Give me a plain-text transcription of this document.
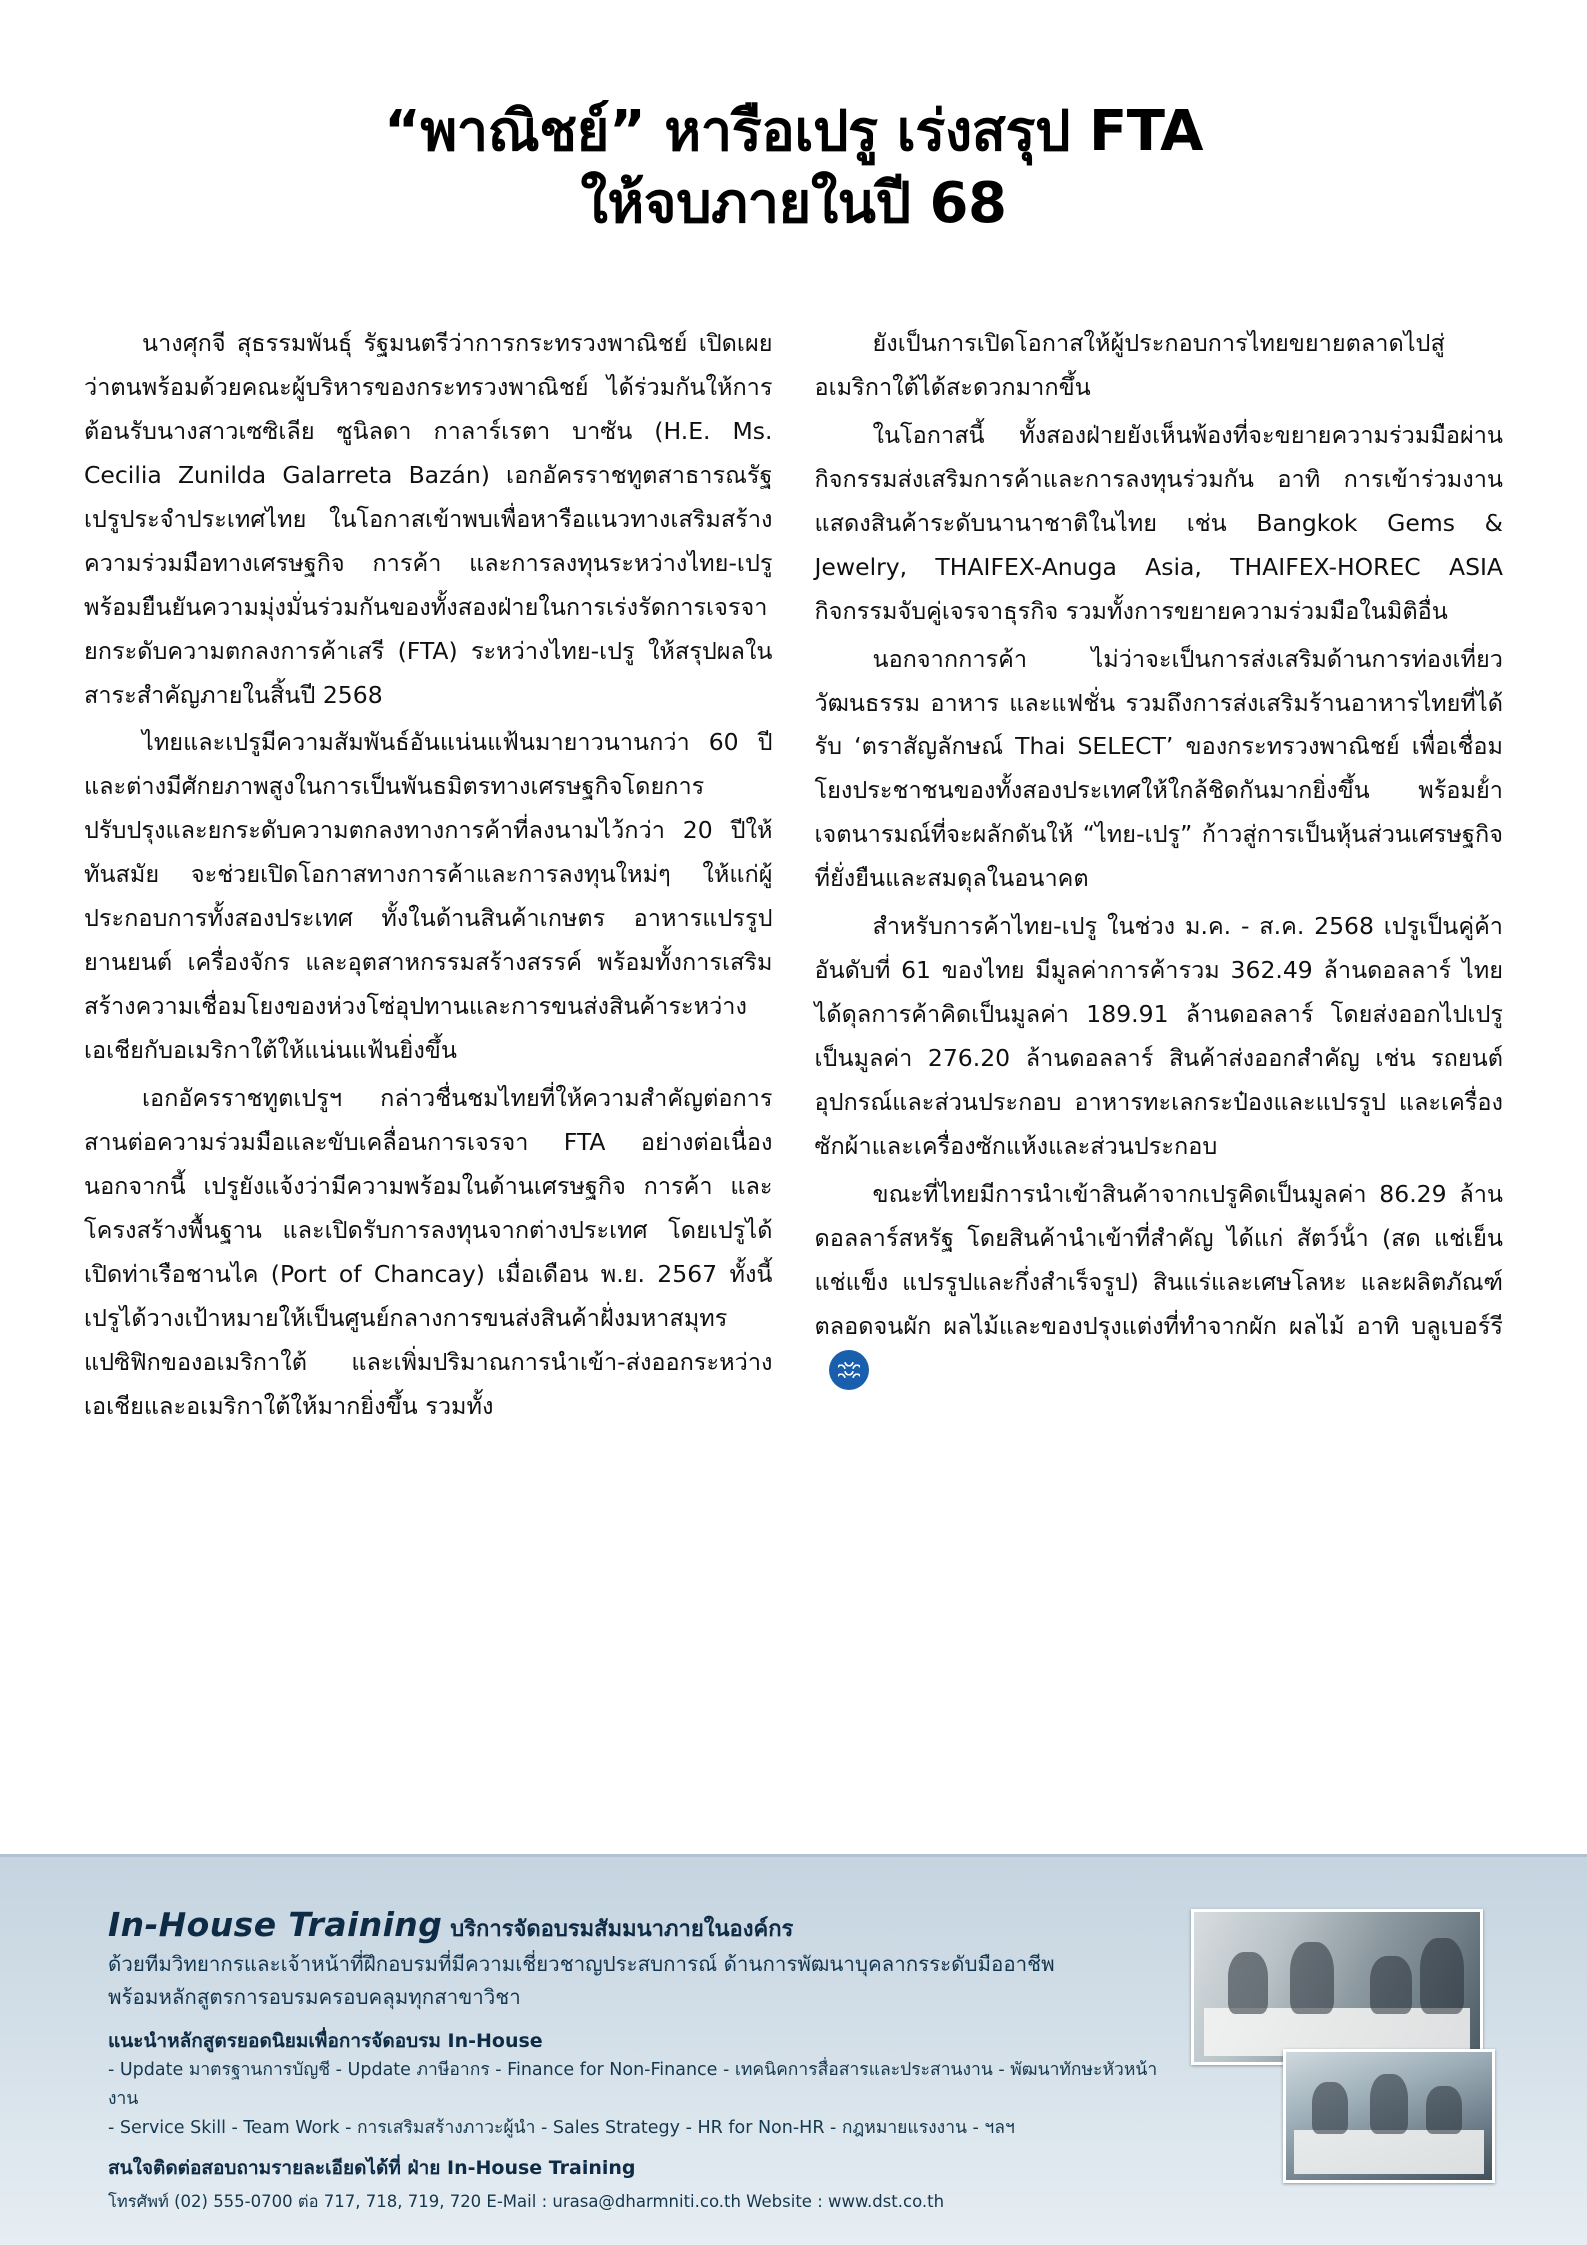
“พาณิชย์” หารือเปรู เร่งสรุป FTA
ให้จบภายในปี 68

นางศุกจี สุธรรมพันธุ์ รัฐมนตรีว่าการกระทรวงพาณิชย์ เปิดเผยว่าตนพร้อมด้วยคณะผู้บริหารของกระทรวงพาณิชย์ ได้ร่วมกันให้การต้อนรับนางสาวเซซิเลีย ซูนิลดา กาลาร์เรตา บาซัน (H.E. Ms. Cecilia Zunilda Galarreta Bazán) เอกอัครราชทูตสาธารณรัฐเปรูประจําประเทศไทย ในโอกาสเข้าพบเพื่อหารือแนวทางเสริมสร้างความร่วมมือทางเศรษฐกิจ การค้า และการลงทุนระหว่างไทย-เปรู พร้อมยืนยันความมุ่งมั่นร่วมกันของทั้งสองฝ่ายในการเร่งรัดการเจรจายกระดับความตกลงการค้าเสรี (FTA) ระหว่างไทย-เปรู ให้สรุปผลในสาระสําคัญภายในสิ้นปี 2568

ไทยและเปรูมีความสัมพันธ์อันแน่นแฟ้นมายาวนานกว่า 60 ปี และต่างมีศักยภาพสูงในการเป็นพันธมิตรทางเศรษฐกิจโดยการปรับปรุงและยกระดับความตกลงทางการค้าที่ลงนามไว้กว่า 20 ปีให้ทันสมัย จะช่วยเปิดโอกาสทางการค้าและการลงทุนใหม่ๆ ให้แก่ผู้ประกอบการทั้งสองประเทศ ทั้งในด้านสินค้าเกษตร อาหารแปรรูป ยานยนต์ เครื่องจักร และอุตสาหกรรมสร้างสรรค์ พร้อมทั้งการเสริมสร้างความเชื่อมโยงของห่วงโซ่อุปทานและการขนส่งสินค้าระหว่างเอเชียกับอเมริกาใต้ให้แน่นแฟ้นยิ่งขึ้น

เอกอัครราชทูตเปรูฯ กล่าวชื่นชมไทยที่ให้ความสําคัญต่อการสานต่อความร่วมมือและขับเคลื่อนการเจรจา FTA อย่างต่อเนื่อง นอกจากนี้ เปรูยังแจ้งว่ามีความพร้อมในด้านเศรษฐกิจ การค้า และโครงสร้างพื้นฐาน และเปิดรับการลงทุนจากต่างประเทศ โดยเปรูได้เปิดท่าเรือชานไค (Port of Chancay) เมื่อเดือน พ.ย. 2567 ทั้งนี้ เปรูได้วางเป้าหมายให้เป็นศูนย์กลางการขนส่งสินค้าฝั่งมหาสมุทรแปซิฟิกของอเมริกาใต้ และเพิ่มปริมาณการนําเข้า-ส่งออกระหว่างเอเชียและอเมริกาใต้ให้มากยิ่งขึ้น รวมทั้ง

ยังเป็นการเปิดโอกาสให้ผู้ประกอบการไทยขยายตลาดไปสู่อเมริกาใต้ได้สะดวกมากขึ้น

ในโอกาสนี้ ทั้งสองฝ่ายยังเห็นพ้องที่จะขยายความร่วมมือผ่านกิจกรรมส่งเสริมการค้าและการลงทุนร่วมกัน อาทิ การเข้าร่วมงานแสดงสินค้าระดับนานาชาติในไทย เช่น Bangkok Gems & Jewelry, THAIFEX-Anuga Asia, THAIFEX-HOREC ASIA กิจกรรมจับคู่เจรจาธุรกิจ รวมทั้งการขยายความร่วมมือในมิติอื่น

นอกจากการค้า ไม่ว่าจะเป็นการส่งเสริมด้านการท่องเที่ยว วัฒนธรรม อาหาร และแฟชั่น รวมถึงการส่งเสริมร้านอาหารไทยที่ได้รับ ‘ตราสัญลักษณ์ Thai SELECT’ ของกระทรวงพาณิชย์ เพื่อเชื่อมโยงประชาชนของทั้งสองประเทศให้ใกล้ชิดกันมากยิ่งขึ้น พร้อมย้ําเจตนารมณ์ที่จะผลักดันให้ “ไทย-เปรู” ก้าวสู่การเป็นหุ้นส่วนเศรษฐกิจที่ยั่งยืนและสมดุลในอนาคต

สําหรับการค้าไทย-เปรู ในช่วง ม.ค. - ส.ค. 2568 เปรูเป็นคู่ค้าอันดับที่ 61 ของไทย มีมูลค่าการค้ารวม 362.49 ล้านดอลลาร์ ไทยได้ดุลการค้าคิดเป็นมูลค่า 189.91 ล้านดอลลาร์ โดยส่งออกไปเปรูเป็นมูลค่า 276.20 ล้านดอลลาร์ สินค้าส่งออกสําคัญ เช่น รถยนต์ อุปกรณ์และส่วนประกอบ อาหารทะเลกระป๋องและแปรรูป และเครื่องซักผ้าและเครื่องซักแห้งและส่วนประกอบ

ขณะที่ไทยมีการนําเข้าสินค้าจากเปรูคิดเป็นมูลค่า 86.29 ล้านดอลลาร์สหรัฐ โดยสินค้านําเข้าที่สําคัญ ได้แก่ สัตว์น้ํา (สด แช่เย็น แช่แข็ง แปรรูปและกึ่งสําเร็จรูป) สินแร่และเศษโลหะ และผลิตภัณฑ์ ตลอดจนผัก ผลไม้และของปรุงแต่งที่ทําจากผัก ผลไม้ อาทิ บลูเบอร์รี

In-House Training บริการจัดอบรมสัมมนาภายในองค์กร
ด้วยทีมวิทยากรและเจ้าหน้าที่ฝึกอบรมที่มีความเชี่ยวชาญประสบการณ์ ด้านการพัฒนาบุคลากรระดับมืออาชีพ
พร้อมหลักสูตรการอบรมครอบคลุมทุกสาขาวิชา
แนะนําหลักสูตรยอดนิยมเพื่อการจัดอบรม In-House
- Update มาตรฐานการบัญชี - Update ภาษีอากร - Finance for Non-Finance - เทคนิคการสื่อสารและประสานงาน - พัฒนาทักษะหัวหน้างาน
- Service Skill - Team Work - การเสริมสร้างภาวะผู้นํา - Sales Strategy - HR for Non-HR - กฎหมายแรงงาน - ฯลฯ
สนใจติดต่อสอบถามรายละเอียดได้ที่ ฝ่าย In-House Training
โทรศัพท์ (02) 555-0700 ต่อ 717, 718, 719, 720 E-Mail : urasa@dharmniti.co.th Website : www.dst.co.th
